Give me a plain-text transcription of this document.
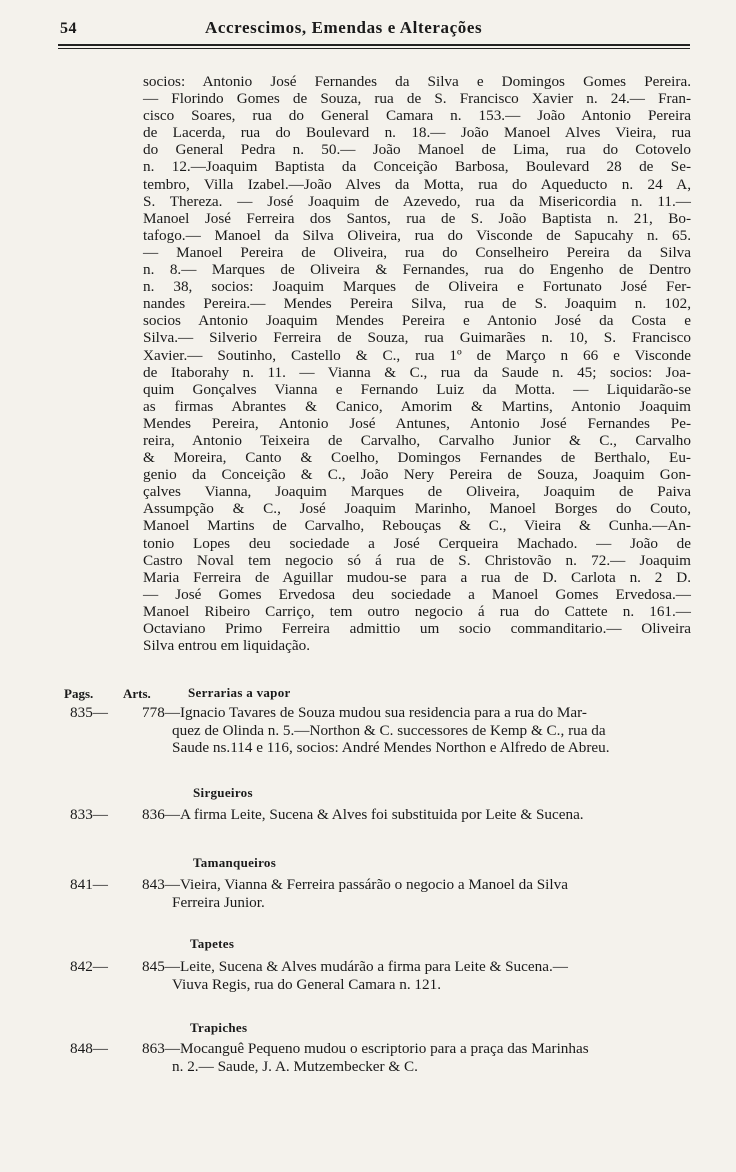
54	Accrescimos, Emendas e Alterações
socios: Antonio José Fernandes da Silva e Domingos Gomes Pereira.
— Florindo Gomes de Souza, rua de S. Francisco Xavier n. 24.— Fran-
cisco Soares, rua do General Camara n. 153.— João Antonio Pereira
de Lacerda, rua do Boulevard n. 18.— João Manoel Alves Vieira, rua
do General Pedra n. 50.— João Manoel de Lima, rua do Cotovelo
n. 12.—Joaquim Baptista da Conceição Barbosa, Boulevard 28 de Se-
tembro, Villa Izabel.—João Alves da Motta, rua do Aqueducto n. 24 A,
S. Thereza. — José Joaquim de Azevedo, rua da Misericordia n. 11.—
Manoel José Ferreira dos Santos, rua de S. João Baptista n. 21, Bo-
tafogo.— Manoel da Silva Oliveira, rua do Visconde de Sapucahy n. 65.
— Manoel Pereira de Oliveira, rua do Conselheiro Pereira da Silva
n. 8.— Marques de Oliveira & Fernandes, rua do Engenho de Dentro
n. 38, socios: Joaquim Marques de Oliveira e Fortunato José Fer-
nandes Pereira.— Mendes Pereira Silva, rua de S. Joaquim n. 102,
socios Antonio Joaquim Mendes Pereira e Antonio José da Costa e
Silva.— Silverio Ferreira de Souza, rua Guimarães n. 10, S. Francisco
Xavier.— Soutinho, Castello & C., rua 1º de Março n 66 e Visconde
de Itaborahy n. 11. — Vianna & C., rua da Saude n. 45; socios: Joa-
quim Gonçalves Vianna e Fernando Luiz da Motta. — Liquidarão-se
as firmas Abrantes & Canico, Amorim & Martins, Antonio Joaquim
Mendes Pereira, Antonio José Antunes, Antonio José Fernandes Pe-
reira, Antonio Teixeira de Carvalho, Carvalho Junior & C., Carvalho
& Moreira, Canto & Coelho, Domingos Fernandes de Berthalo, Eu-
genio da Conceição & C., João Nery Pereira de Souza, Joaquim Gon-
çalves Vianna, Joaquim Marques de Oliveira, Joaquim de Paiva
Assumpção & C., José Joaquim Marinho, Manoel Borges do Couto,
Manoel Martins de Carvalho, Rebouças & C., Vieira & Cunha.—An-
tonio Lopes deu sociedade a José Cerqueira Machado. — João de
Castro Noval tem negocio só á rua de S. Christovão n. 72.— Joaquim
Maria Ferreira de Aguillar mudou-se para a rua de D. Carlota n. 2 D.
— José Gomes Ervedosa deu sociedade a Manoel Gomes Ervedosa.—
Manoel Ribeiro Carriço, tem outro negocio á rua do Cattete n. 161.—
Octaviano Primo Ferreira admittio um socio commanditario.— Oliveira
Silva entrou em liquidação.
Pags. Arts.	Serrarias a vapor
835— 778—Ignacio Tavares de Souza mudou sua residencia para a rua do Mar-
quez de Olinda n. 5.—Northon & C. successores de Kemp & C., rua da
Saude ns.114 e 116, socios: André Mendes Northon e Alfredo de Abreu.
Sirgueiros
833— 836—A firma Leite, Sucena & Alves foi substituida por Leite & Sucena.
Tamanqueiros
841— 843—Vieira, Vianna & Ferreira passárão o negocio a Manoel da Silva
Ferreira Junior.
Tapetes
842— 845—Leite, Sucena & Alves mudárão a firma para Leite & Sucena.—
Viuva Regis, rua do General Camara n. 121.
Trapiches
848— 863—Mocanguê Pequeno mudou o escriptorio para a praça das Marinhas
n. 2.— Saude, J. A. Mutzembecker & C.
